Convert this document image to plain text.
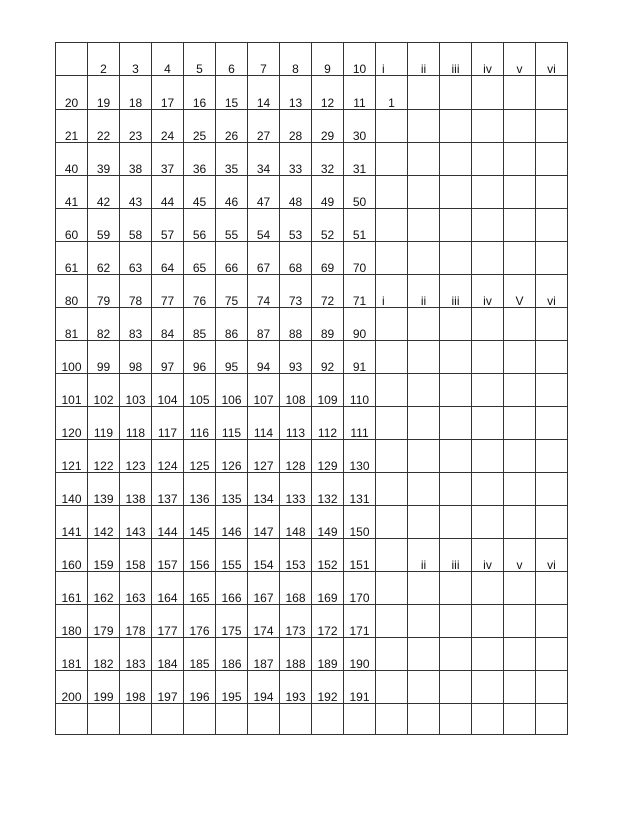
	2	3	4	5	6	7	8	9	10	i	ii	iii	iv	v	vi

20	19	18	17	16	15	14	13	12	11	1					

21	22	23	24	25	26	27	28	29	30						

40	39	38	37	36	35	34	33	32	31						

41	42	43	44	45	46	47	48	49	50						

60	59	58	57	56	55	54	53	52	51						

61	62	63	64	65	66	67	68	69	70						

80	79	78	77	76	75	74	73	72	71	i	ii	iii	iv	V	vi

81	82	83	84	85	86	87	88	89	90						

100	99	98	97	96	95	94	93	92	91						

101	102	103	104	105	106	107	108	109	110						

120	119	118	117	116	115	114	113	112	111						

121	122	123	124	125	126	127	128	129	130						

140	139	138	137	136	135	134	133	132	131						

141	142	143	144	145	146	147	148	149	150						

160	159	158	157	156	155	154	153	152	151		ii	iii	iv	v	vi

161	162	163	164	165	166	167	168	169	170						

180	179	178	177	176	175	174	173	172	171						

181	182	183	184	185	186	187	188	189	190						

200	199	198	197	196	195	194	193	192	191						
